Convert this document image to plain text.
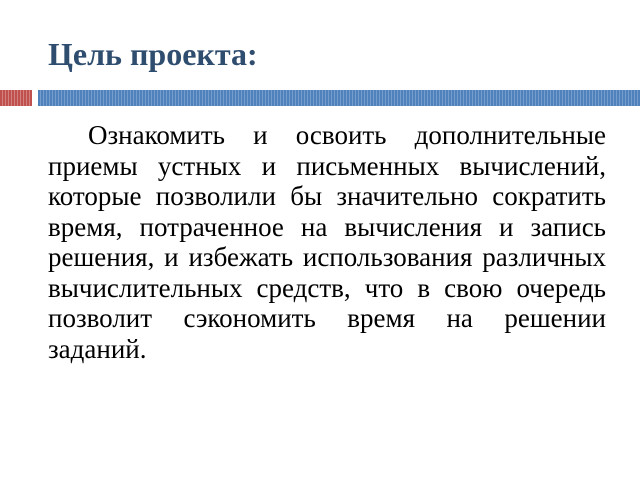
Цель проекта:

Ознакомить и освоить дополнительные приемы устных и письменных вычислений, которые позволили бы значительно сократить время, потраченное на вычисления и запись решения, и избежать использования различных вычислительных средств, что в свою очередь позволит сэкономить время на решении заданий.
